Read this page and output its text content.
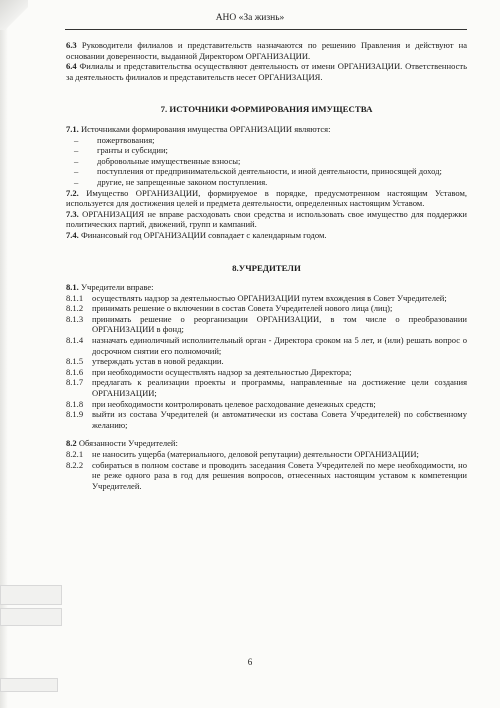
АНО «За жизнь»

6.3 Руководители филиалов и представительств назначаются по решению Правления и действуют на основании доверенности, выданной Директором ОРГАНИЗАЦИИ.

6.4 Филиалы и представительства осуществляют деятельность от имени ОРГАНИЗАЦИИ. Ответственность за деятельность филиалов и представительств несет ОРГАНИЗАЦИЯ.

7. ИСТОЧНИКИ ФОРМИРОВАНИЯ ИМУЩЕСТВА

7.1. Источниками формирования имущества ОРГАНИЗАЦИИ являются:

– пожертвования;

– гранты и субсидии;

– добровольные имущественные взносы;

– поступления от предпринимательской деятельности, и иной деятельности, приносящей доход;

– другие, не запрещенные законом поступления.

7.2. Имущество ОРГАНИЗАЦИИ, формируемое в порядке, предусмотренном настоящим Уставом, используется для достижения целей и предмета деятельности, определенных настоящим Уставом.

7.3. ОРГАНИЗАЦИЯ не вправе расходовать свои средства и использовать свое имущество для поддержки политических партий, движений, групп и кампаний.

7.4. Финансовый год ОРГАНИЗАЦИИ совпадает с календарным годом.

8.УЧРЕДИТЕЛИ

8.1. Учредители вправе:

8.1.1 осуществлять надзор за деятельностью ОРГАНИЗАЦИИ путем вхождения в Совет Учредителей;

8.1.2 принимать решение о включении в состав Совета Учредителей нового лица (лиц);

8.1.3 принимать решение о реорганизации ОРГАНИЗАЦИИ, в том числе о преобразовании ОРГАНИЗАЦИИ в фонд;

8.1.4 назначать единоличный исполнительный орган - Директора сроком на 5 лет, и (или) решать вопрос о досрочном снятии его полномочий;

8.1.5 утверждать устав в новой редакции.

8.1.6 при необходимости осуществлять надзор за деятельностью Директора;

8.1.7 предлагать к реализации проекты и программы, направленные на достижение цели создания ОРГАНИЗАЦИИ;

8.1.8 при необходимости контролировать целевое расходование денежных средств;

8.1.9 выйти из состава Учредителей (и автоматически из состава Совета Учредителей) по собственному желанию;

8.2 Обязанности Учредителей:

8.2.1 не наносить ущерба (материального, деловой репутации) деятельности ОРГАНИЗАЦИИ;

8.2.2 собираться в полном составе и проводить заседания Совета Учредителей по мере необходимости, но не реже одного раза в год для решения вопросов, отнесенных настоящим уставом к компетенции Учредителей.

6
